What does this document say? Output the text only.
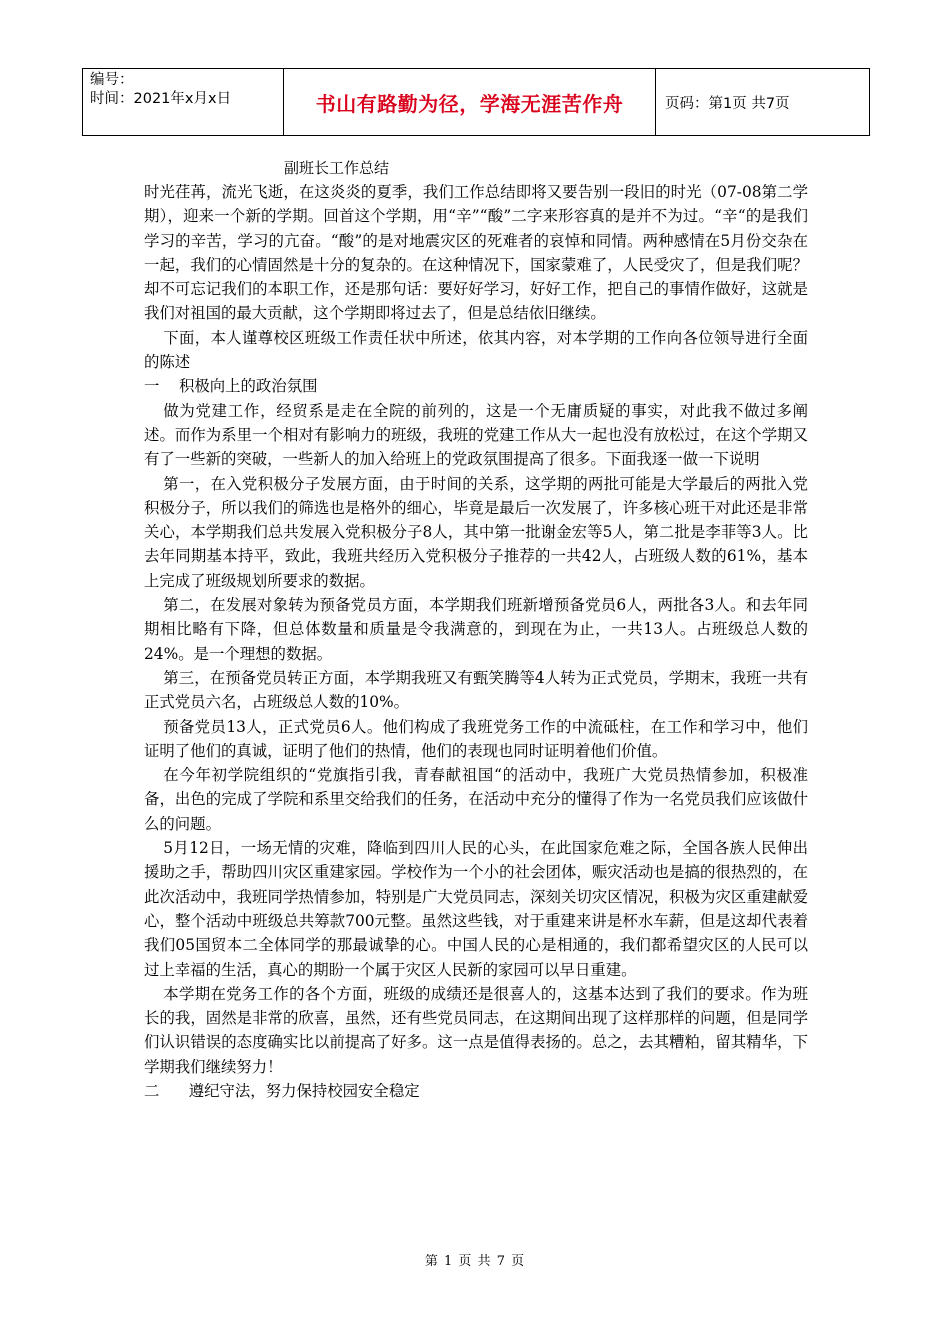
编号：
时间：2021年x月x日	书山有路勤为径，学海无涯苦作舟	页码：第1页 共7页
副班长工作总结

时光荏苒，流光飞逝，在这炎炎的夏季，我们工作总结即将又要告别一段旧的时光（07-08第二学期），迎来一个新的学期。回首这个学期，用“辛”“酸”二字来形容真的是并不为过。“辛“的是我们学习的辛苦，学习的亢奋。“酸”的是对地震灾区的死难者的哀悼和同情。两种感情在5月份交杂在一起，我们的心情固然是十分的复杂的。在这种情况下，国家蒙难了，人民受灾了，但是我们呢？却不可忘记我们的本职工作，还是那句话：要好好学习，好好工作，把自己的事情作做好，这就是我们对祖国的最大贡献，这个学期即将过去了，但是总结依旧继续。

下面，本人谨尊校区班级工作责任状中所述，依其内容，对本学期的工作向各位领导进行全面的陈述

一    积极向上的政治氛围

做为党建工作，经贸系是走在全院的前列的，这是一个无庸质疑的事实，对此我不做过多阐述。而作为系里一个相对有影响力的班级，我班的党建工作从大一起也没有放松过，在这个学期又有了一些新的突破，一些新人的加入给班上的党政氛围提高了很多。下面我逐一做一下说明

第一，在入党积极分子发展方面，由于时间的关系，这学期的两批可能是大学最后的两批入党积极分子，所以我们的筛选也是格外的细心，毕竟是最后一次发展了，许多核心班干对此还是非常关心，本学期我们总共发展入党积极分子8人，其中第一批谢金宏等5人，第二批是李菲等3人。比去年同期基本持平，致此，我班共经历入党积极分子推荐的一共42人，占班级人数的61%，基本上完成了班级规划所要求的数据。

第二，在发展对象转为预备党员方面，本学期我们班新增预备党员6人，两批各3人。和去年同期相比略有下降，但总体数量和质量是令我满意的，到现在为止，一共13人。占班级总人数的 24%。是一个理想的数据。

第三，在预备党员转正方面，本学期我班又有甄笑腾等4人转为正式党员，学期末，我班一共有正式党员六名，占班级总人数的10%。

预备党员13人，正式党员6人。他们构成了我班党务工作的中流砥柱，在工作和学习中，他们证明了他们的真诚，证明了他们的热情，他们的表现也同时证明着他们价值。

在今年初学院组织的“党旗指引我，青春献祖国“的活动中，我班广大党员热情参加，积极准备，出色的完成了学院和系里交给我们的任务，在活动中充分的懂得了作为一名党员我们应该做什么的问题。

5月12日，一场无情的灾难，降临到四川人民的心头，在此国家危难之际，全国各族人民伸出援助之手，帮助四川灾区重建家园。学校作为一个小的社会团体，赈灾活动也是搞的很热烈的，在此次活动中，我班同学热情参加，特别是广大党员同志，深刻关切灾区情况，积极为灾区重建献爱心，整个活动中班级总共筹款700元整。虽然这些钱，对于重建来讲是杯水车薪，但是这却代表着我们05国贸本二全体同学的那最诚挚的心。中国人民的心是相通的，我们都希望灾区的人民可以过上幸福的生活，真心的期盼一个属于灾区人民新的家园可以早日重建。

本学期在党务工作的各个方面，班级的成绩还是很喜人的，这基本达到了我们的要求。作为班长的我，固然是非常的欣喜，虽然，还有些党员同志，在这期间出现了这样那样的问题，但是同学们认识错误的态度确实比以前提高了好多。这一点是值得表扬的。总之，去其糟粕，留其精华，下学期我们继续努力！

二      遵纪守法，努力保持校园安全稳定

第 1 页 共 7 页
